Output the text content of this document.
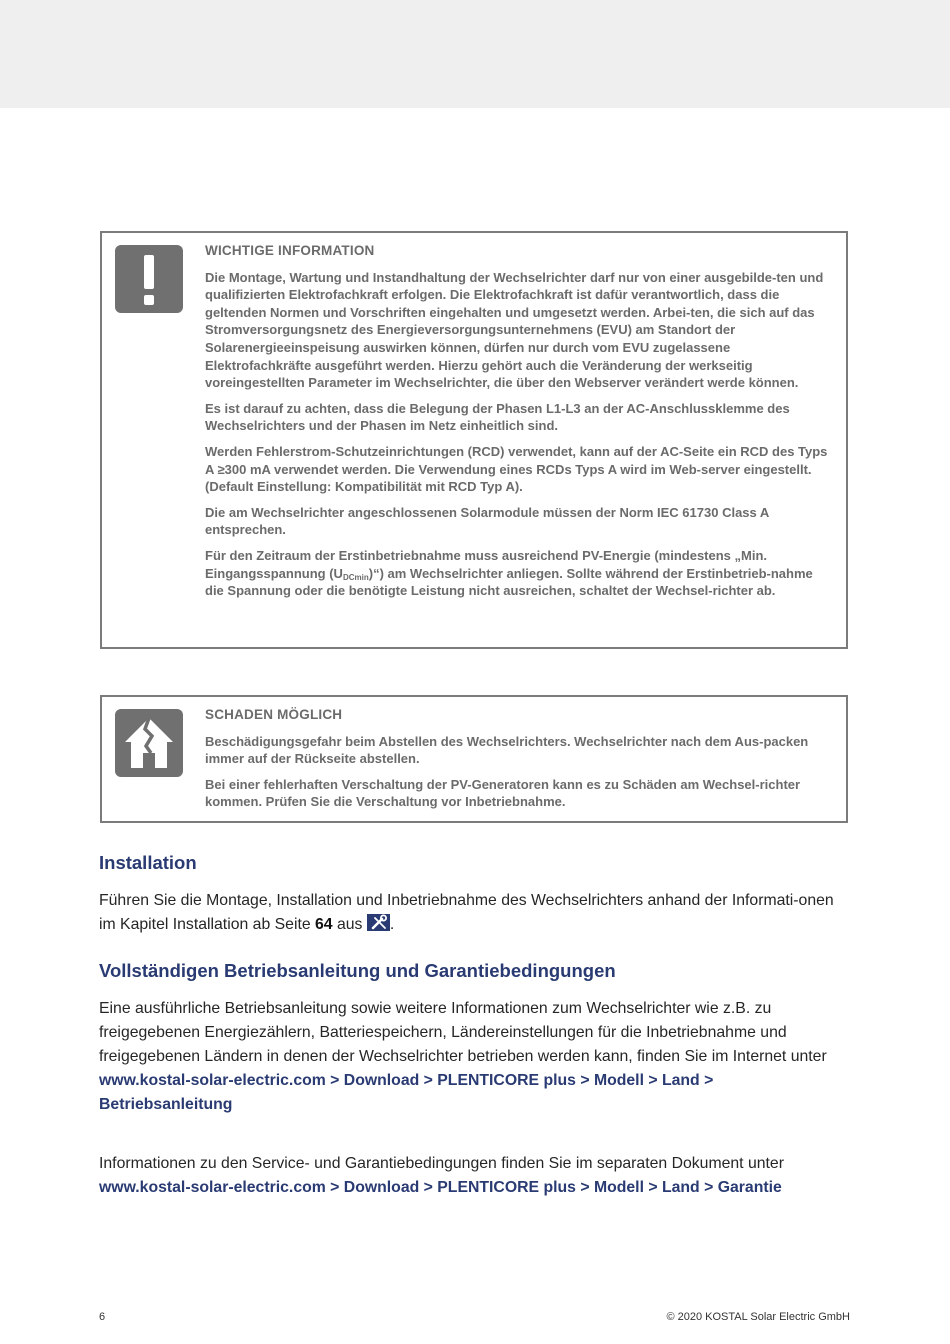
WICHTIGE INFORMATION

Die Montage, Wartung und Instandhaltung der Wechselrichter darf nur von einer ausgebilde-ten und qualifizierten Elektrofachkraft erfolgen. Die Elektrofachkraft ist dafür verantwortlich, dass die geltenden Normen und Vorschriften eingehalten und umgesetzt werden. Arbei-ten, die sich auf das Stromversorgungsnetz des Energieversorgungsunternehmens (EVU) am Standort der Solarenergieeinspeisung auswirken können, dürfen nur durch vom EVU zugelassene Elektrofachkräfte ausgeführt werden. Hierzu gehört auch die Veränderung der werkseitig voreingestellten Parameter im Wechselrichter, die über den Webserver verändert werde können.

Es ist darauf zu achten, dass die Belegung der Phasen L1-L3 an der AC-Anschlussklemme des Wechselrichters und der Phasen im Netz einheitlich sind.

Werden Fehlerstrom-Schutzeinrichtungen (RCD) verwendet, kann auf der AC-Seite ein RCD des Typs A ≥300 mA verwendet werden. Die Verwendung eines RCDs Typs A wird im Web-server eingestellt. (Default Einstellung: Kompatibilität mit RCD Typ A).

Die am Wechselrichter angeschlossenen Solarmodule müssen der Norm IEC 61730 Class A entsprechen.

Für den Zeitraum der Erstinbetriebnahme muss ausreichend PV-Energie (mindestens „Min. Eingangsspannung $(U_{DCmin})“$) am Wechselrichter anliegen. Sollte während der Erstinbetrieb-nahme die Spannung oder die benötigte Leistung nicht ausreichen, schaltet der Wechsel-richter ab.

SCHADEN MÖGLICH

Beschädigungsgefahr beim Abstellen des Wechselrichters. Wechselrichter nach dem Aus-packen immer auf der Rückseite abstellen.

Bei einer fehlerhaften Verschaltung der PV-Generatoren kann es zu Schäden am Wechsel-richter kommen. Prüfen Sie die Verschaltung vor Inbetriebnahme.

Installation

Führen Sie die Montage, Installation und Inbetriebnahme des Wechselrichters anhand der Informati-onen im Kapitel Installation ab Seite 64 aus
.

Vollständigen Betriebsanleitung und Garantiebedingungen

Eine ausführliche Betriebsanleitung sowie weitere Informationen zum Wechselrichter wie z.B. zu freigegebenen Energiezählern, Batteriespeichern, Ländereinstellungen für die Inbetriebnahme und freigegebenen Ländern in denen der Wechselrichter betrieben werden kann, finden Sie im Internet unter
www.kostal-solar-electric.com > Download > PLENTICORE plus > Modell > Land > Betriebsanleitung

Informationen zu den Service- und Garantiebedingungen finden Sie im separaten Dokument unter
www.kostal-solar-electric.com > Download > PLENTICORE plus > Modell > Land > Garantie

6	© 2020 KOSTAL Solar Electric GmbH
